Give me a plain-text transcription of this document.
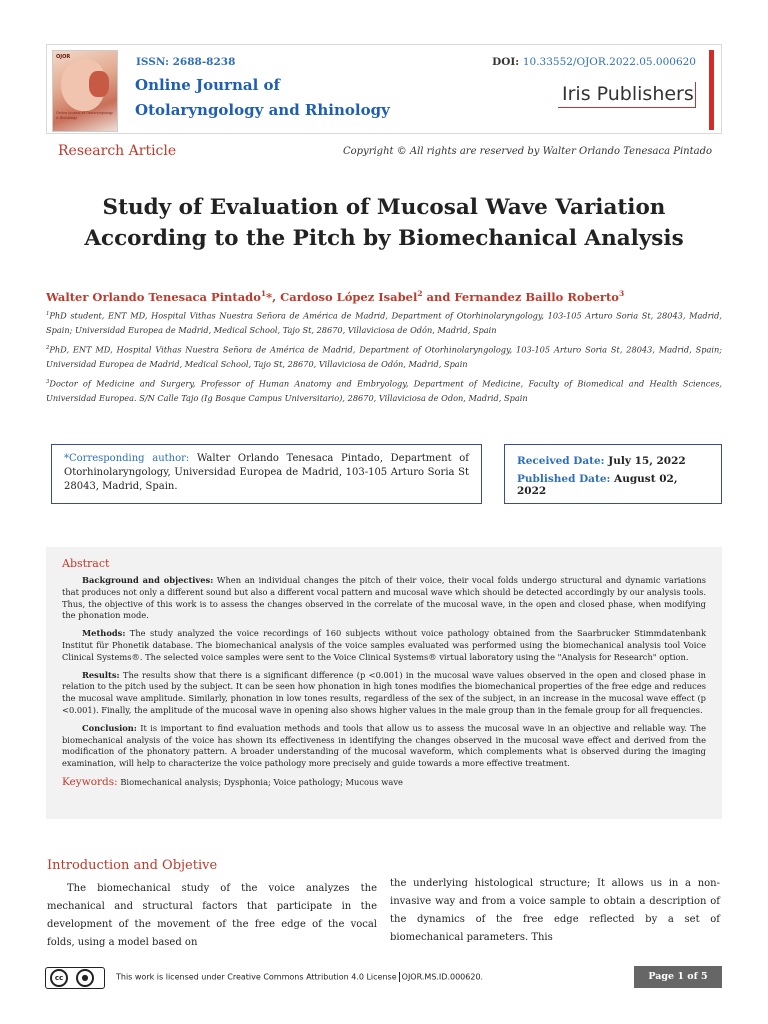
OJOR
Online Journal of Otolaryngology & Rhinology
ISSN: 2688-8238
Online Journal of
Otolaryngology and Rhinology
DOI: 10.33552/OJOR.2022.05.000620
Iris Publishers
Research Article	Copyright © All rights are reserved by Walter Orlando Tenesaca Pintado
Study of Evaluation of Mucosal Wave Variation
According to the Pitch by Biomechanical Analysis
Walter Orlando Tenesaca Pintado$^1$*, Cardoso López Isabel$^2$ and Fernandez Baillo Roberto$^3$
$^1$PhD student, ENT MD, Hospital Vithas Nuestra Señora de América de Madrid, Department of Otorhinolaryngology, 103-105 Arturo Soria St, 28043, Madrid, Spain; Universidad Europea de Madrid, Medical School, Tajo St, 28670, Villaviciosa de Odón, Madrid, Spain
$^2$PhD, ENT MD, Hospital Vithas Nuestra Señora de América de Madrid, Department of Otorhinolaryngology, 103-105 Arturo Soria St, 28043, Madrid, Spain; Universidad Europea de Madrid, Medical School, Tajo St, 28670, Villaviciosa de Odón, Madrid, Spain
$^3$Doctor of Medicine and Surgery, Professor of Human Anatomy and Embryology, Department of Medicine, Faculty of Biomedical and Health Sciences, Universidad Europea. S/N Calle Tajo (Ig Bosque Campus Universitario), 28670, Villaviciosa de Odon, Madrid, Spain
*Corresponding author: Walter Orlando Tenesaca Pintado, Department of Otorhinolaryngology, Universidad Europea de Madrid, 103-105 Arturo Soria St 28043, Madrid, Spain.
Received Date: July 15, 2022
Published Date: August 02, 2022
Abstract

Background and objectives: When an individual changes the pitch of their voice, their vocal folds undergo structural and dynamic variations that produces not only a different sound but also a different vocal pattern and mucosal wave which should be detected accordingly by our analysis tools. Thus, the objective of this work is to assess the changes observed in the correlate of the mucosal wave, in the open and closed phase, when modifying the phonation mode.

Methods: The study analyzed the voice recordings of 160 subjects without voice pathology obtained from the Saarbrucker Stimmdatenbank Institut für Phonetik database. The biomechanical analysis of the voice samples evaluated was performed using the biomechanical analysis tool Voice Clinical Systems®. The selected voice samples were sent to the Voice Clinical Systems® virtual laboratory using the "Analysis for Research" option.

Results: The results show that there is a significant difference (p <0.001) in the mucosal wave values observed in the open and closed phase in relation to the pitch used by the subject. It can be seen how phonation in high tones modifies the biomechanical properties of the free edge and reduces the mucosal wave amplitude. Similarly, phonation in low tones results, regardless of the sex of the subject, in an increase in the mucosal wave effect (p <0.001). Finally, the amplitude of the mucosal wave in opening also shows higher values in the male group than in the female group for all frequencies.

Conclusion: It is important to find evaluation methods and tools that allow us to assess the mucosal wave in an objective and reliable way. The biomechanical analysis of the voice has shown its effectiveness in identifying the changes observed in the mucosal wave effect and derived from the modification of the phonatory pattern. A broader understanding of the mucosal waveform, which complements what is observed during the imaging examination, will help to characterize the voice pathology more precisely and guide towards a more effective treatment.

Keywords: Biomechanical analysis; Dysphonia; Voice pathology; Mucous wave
Introduction and Objetive

The biomechanical study of the voice analyzes the mechanical and structural factors that participate in the development of the movement of the free edge of the vocal folds, using a model based on

the underlying histological structure; It allows us in a non-invasive way and from a voice sample to obtain a description of the dynamics of the free edge reflected by a set of biomechanical parameters. This

cc	●	This work is licensed under Creative Commons Attribution 4.0 License OJOR.MS.ID.000620.	Page 1 of 5
